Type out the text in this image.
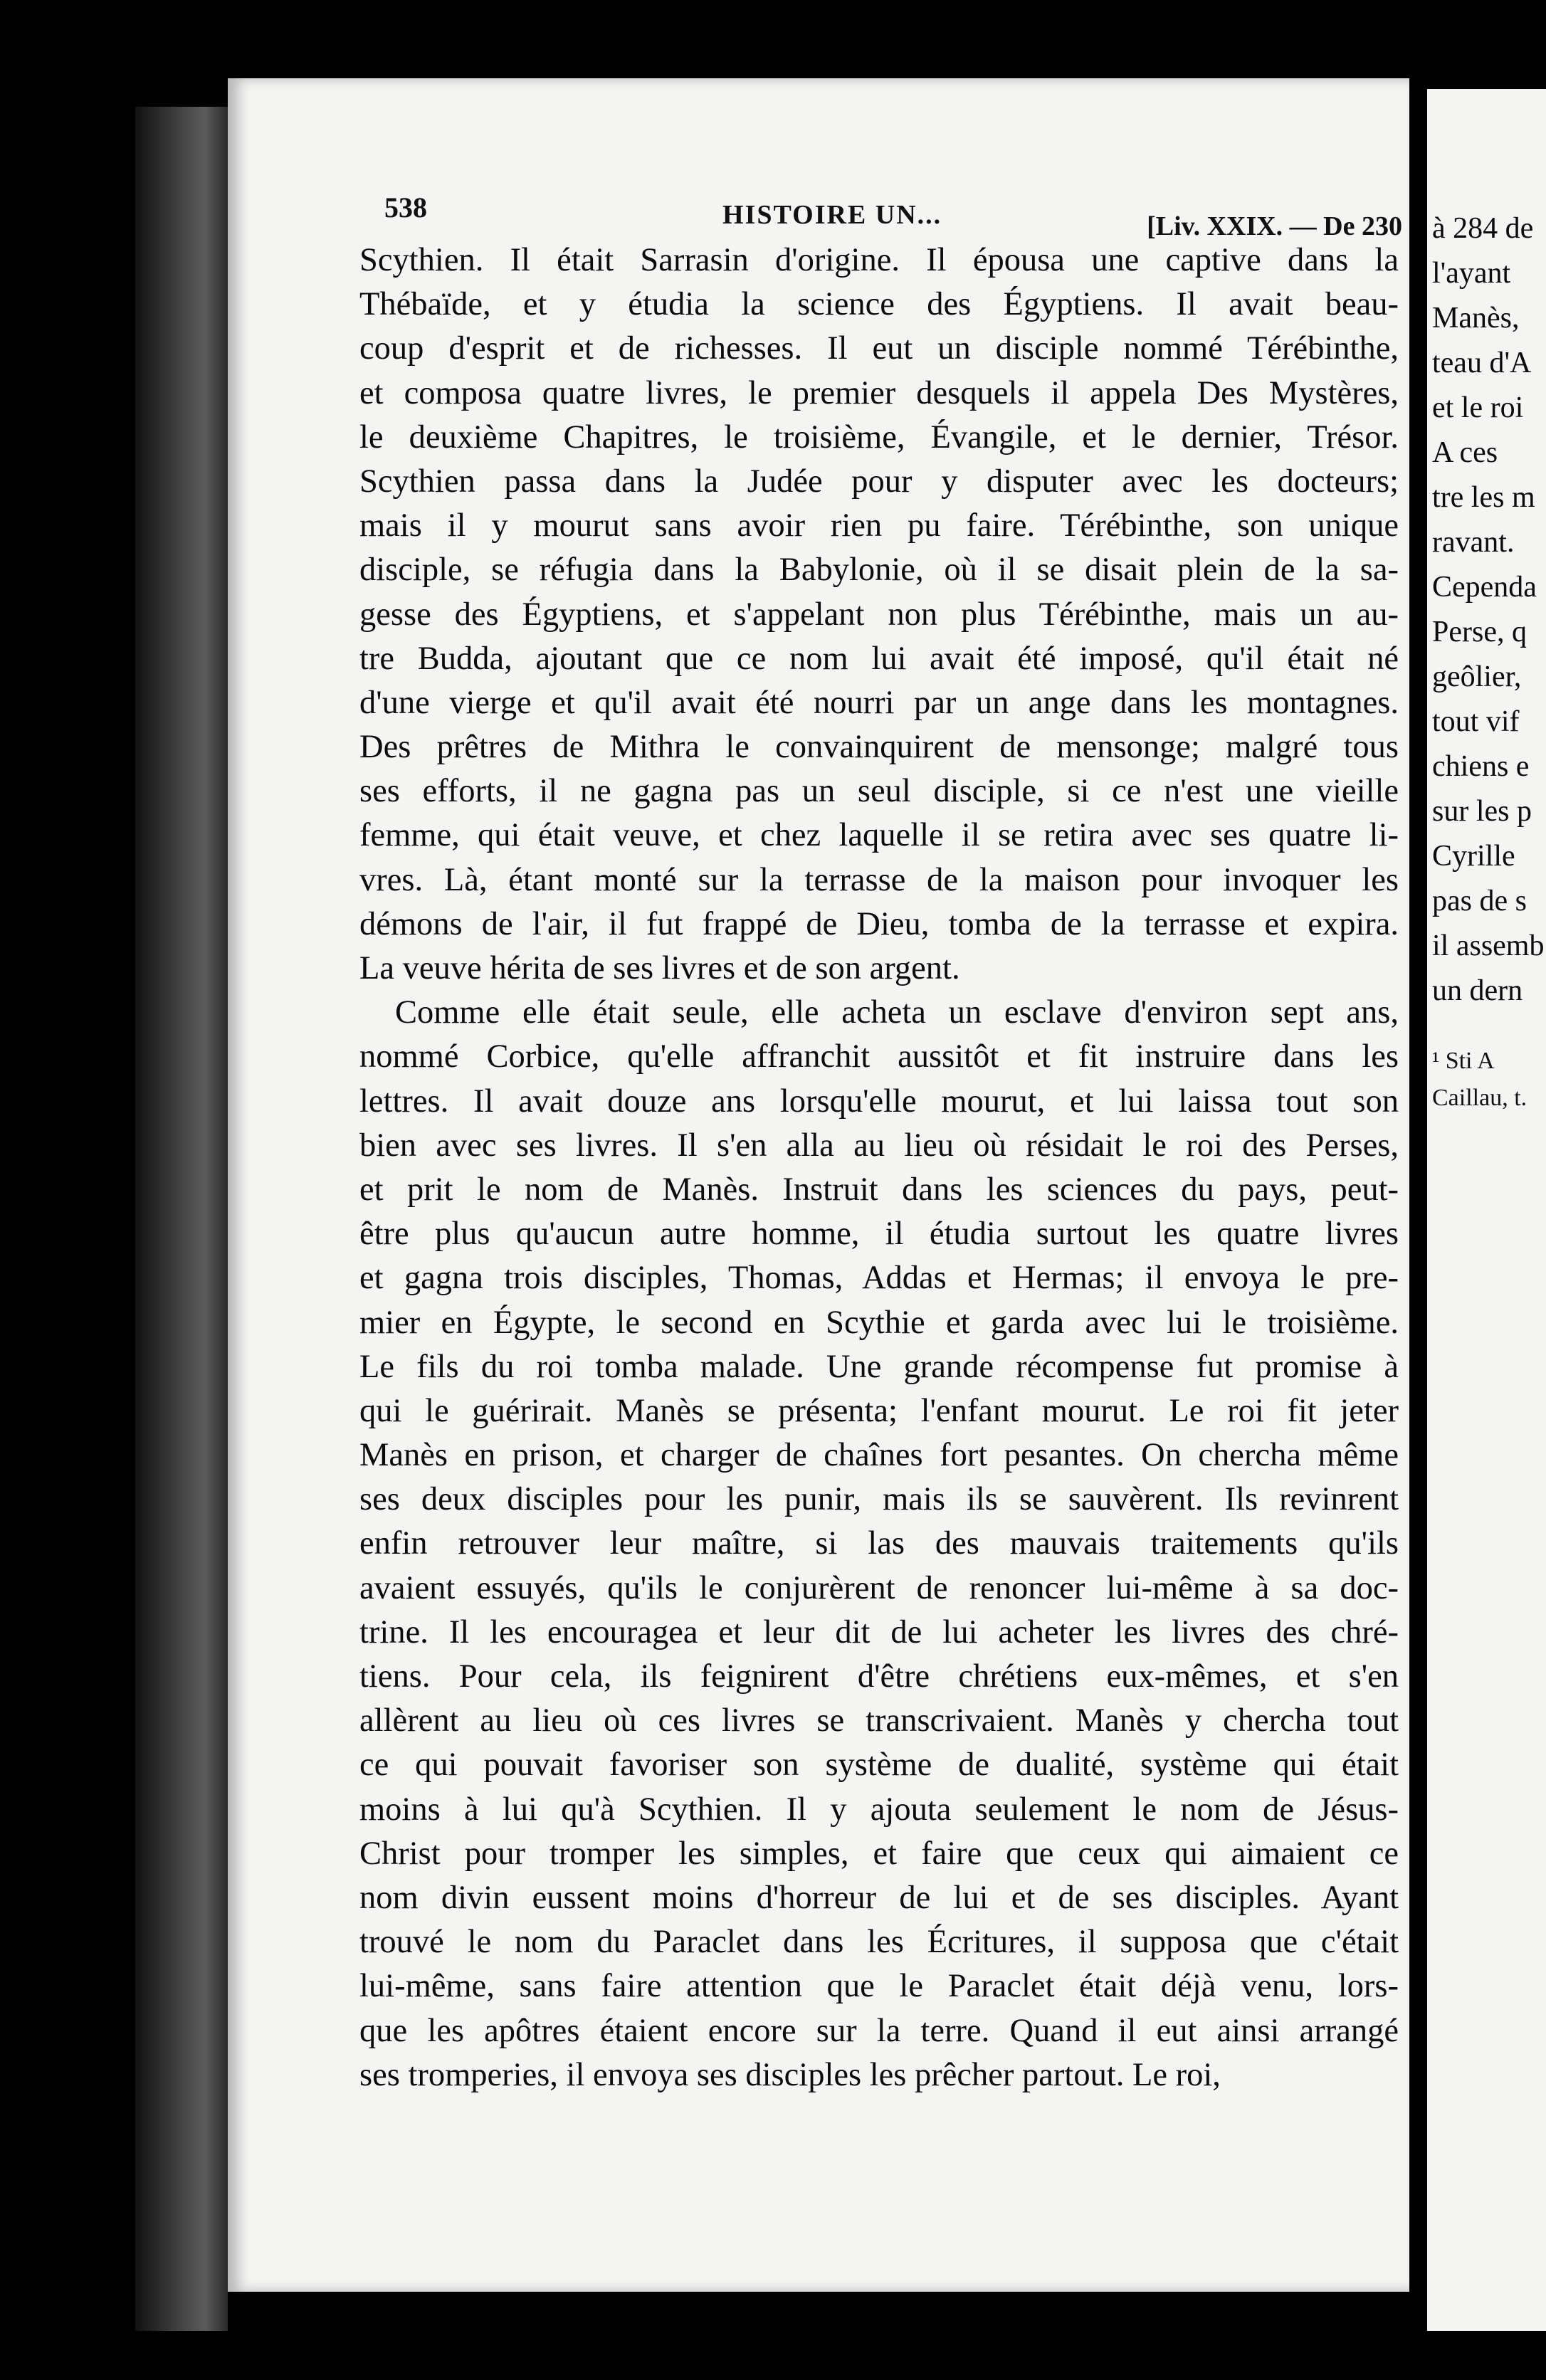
538	HISTOIRE UN...	[Liv. XXIX. — De 230
Scythien. Il était Sarrasin d'origine. Il épousa une captive dans la
Thébaïde, et y étudia la science des Égyptiens. Il avait beau-
coup d'esprit et de richesses. Il eut un disciple nommé Térébinthe,
et composa quatre livres, le premier desquels il appela Des Mystères,
le deuxième Chapitres, le troisième, Évangile, et le dernier, Trésor.
Scythien passa dans la Judée pour y disputer avec les docteurs;
mais il y mourut sans avoir rien pu faire. Térébinthe, son unique
disciple, se réfugia dans la Babylonie, où il se disait plein de la sa-
gesse des Égyptiens, et s'appelant non plus Térébinthe, mais un au-
tre Budda, ajoutant que ce nom lui avait été imposé, qu'il était né
d'une vierge et qu'il avait été nourri par un ange dans les montagnes.
Des prêtres de Mithra le convainquirent de mensonge; malgré tous
ses efforts, il ne gagna pas un seul disciple, si ce n'est une vieille
femme, qui était veuve, et chez laquelle il se retira avec ses quatre li-
vres. Là, étant monté sur la terrasse de la maison pour invoquer les
démons de l'air, il fut frappé de Dieu, tomba de la terrasse et expira.
La veuve hérita de ses livres et de son argent.
Comme elle était seule, elle acheta un esclave d'environ sept ans,
nommé Corbice, qu'elle affranchit aussitôt et fit instruire dans les
lettres. Il avait douze ans lorsqu'elle mourut, et lui laissa tout son
bien avec ses livres. Il s'en alla au lieu où résidait le roi des Perses,
et prit le nom de Manès. Instruit dans les sciences du pays, peut-
être plus qu'aucun autre homme, il étudia surtout les quatre livres
et gagna trois disciples, Thomas, Addas et Hermas; il envoya le pre-
mier en Égypte, le second en Scythie et garda avec lui le troisième.
Le fils du roi tomba malade. Une grande récompense fut promise à
qui le guérirait. Manès se présenta; l'enfant mourut. Le roi fit jeter
Manès en prison, et charger de chaînes fort pesantes. On chercha même
ses deux disciples pour les punir, mais ils se sauvèrent. Ils revinrent
enfin retrouver leur maître, si las des mauvais traitements qu'ils
avaient essuyés, qu'ils le conjurèrent de renoncer lui-même à sa doc-
trine. Il les encouragea et leur dit de lui acheter les livres des chré-
tiens. Pour cela, ils feignirent d'être chrétiens eux-mêmes, et s'en
allèrent au lieu où ces livres se transcrivaient. Manès y chercha tout
ce qui pouvait favoriser son système de dualité, système qui était
moins à lui qu'à Scythien. Il y ajouta seulement le nom de Jésus-
Christ pour tromper les simples, et faire que ceux qui aimaient ce
nom divin eussent moins d'horreur de lui et de ses disciples. Ayant
trouvé le nom du Paraclet dans les Écritures, il supposa que c'était
lui-même, sans faire attention que le Paraclet était déjà venu, lors-
que les apôtres étaient encore sur la terre. Quand il eut ainsi arrangé
ses tromperies, il envoya ses disciples les prêcher partout. Le roi,
à 284 de
l'ayant
Manès,
teau d'A
et le roi
A ces
tre les m
ravant.
Cependa
Perse, q
geôlier,
tout vif
chiens e
sur les p
Cyrille
pas de s
il assemb
un dern
¹ Sti A
Caillau, t.
